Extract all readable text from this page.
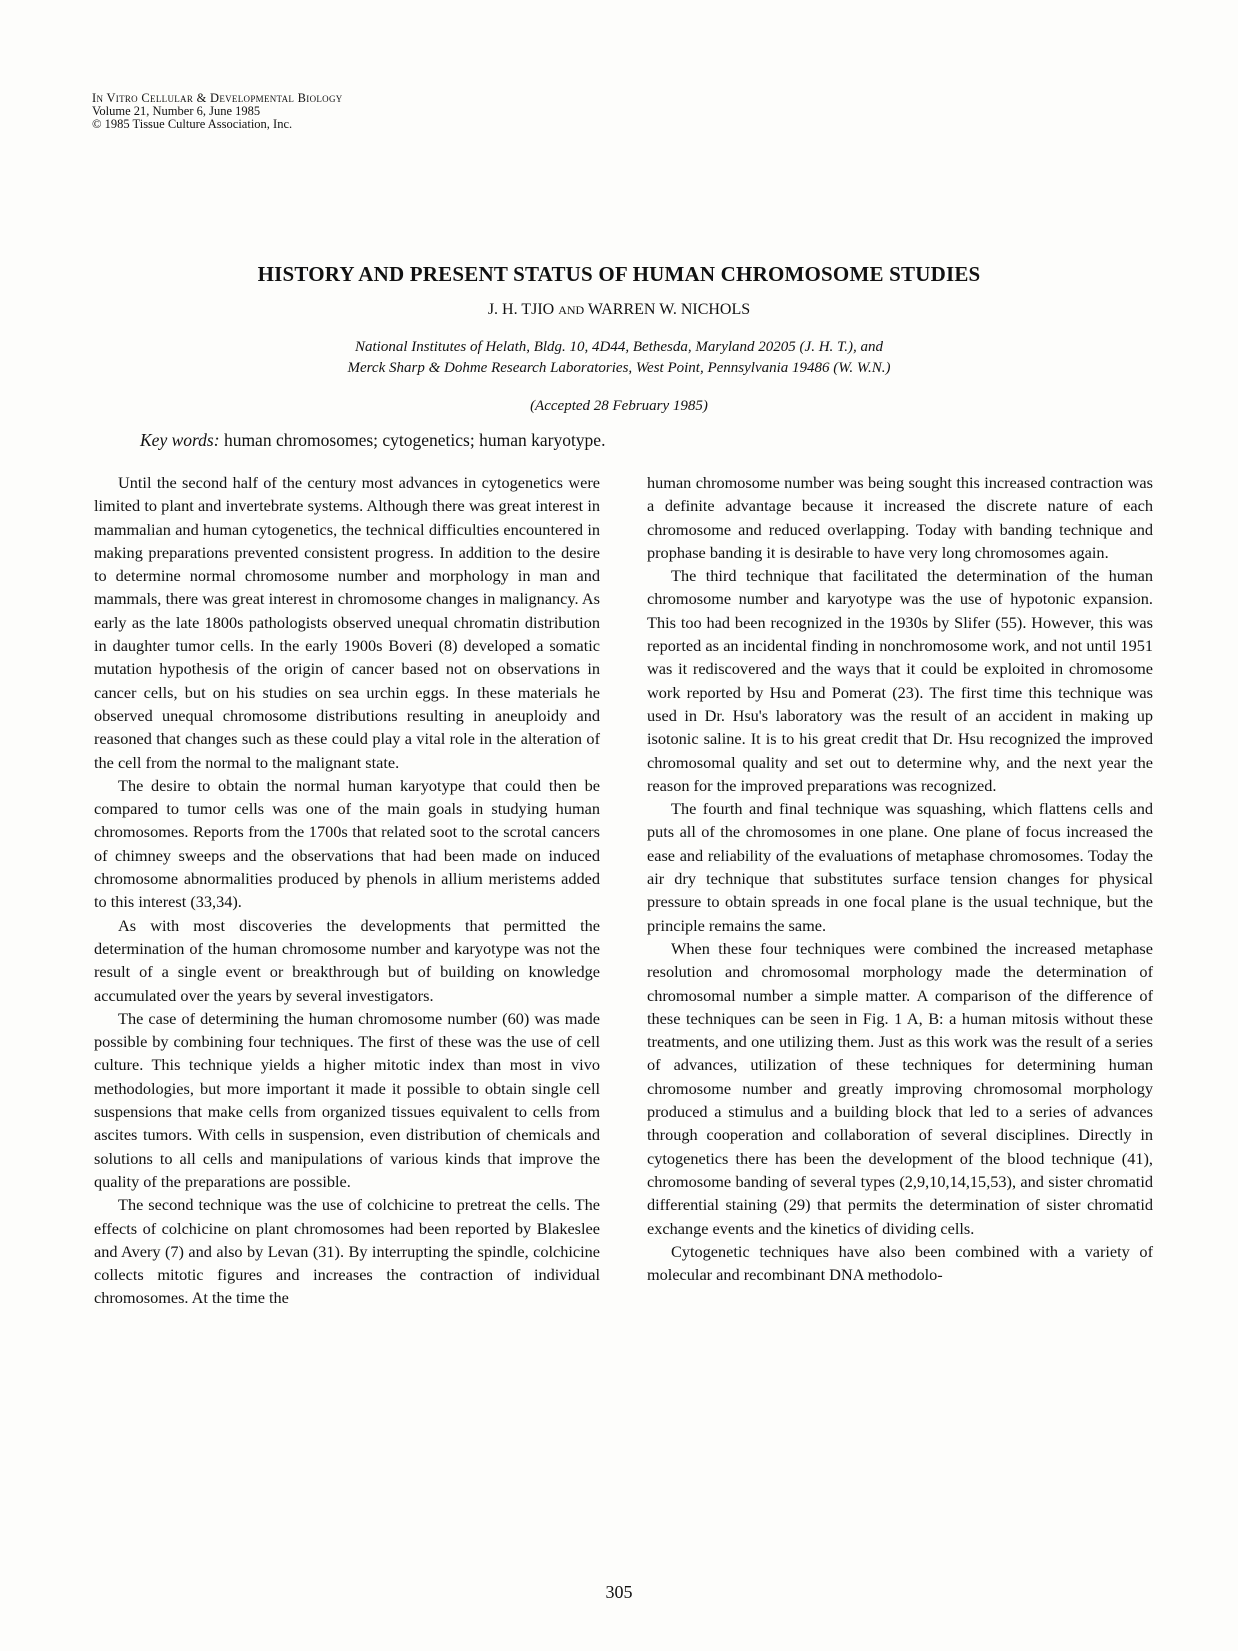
In Vitro Cellular & Developmental Biology
Volume 21, Number 6, June 1985
© 1985 Tissue Culture Association, Inc.
HISTORY AND PRESENT STATUS OF HUMAN CHROMOSOME STUDIES
J. H. TJIO AND WARREN W. NICHOLS
National Institutes of Helath, Bldg. 10, 4D44, Bethesda, Maryland 20205 (J. H. T.), and
Merck Sharp & Dohme Research Laboratories, West Point, Pennsylvania 19486 (W. W.N.)
(Accepted 28 February 1985)
Key words: human chromosomes; cytogenetics; human karyotype.

Until the second half of the century most advances in cytogenetics were limited to plant and invertebrate systems. Although there was great interest in mammalian and human cytogenetics, the technical difficulties encountered in making preparations prevented consistent progress. In addition to the desire to determine normal chromosome number and morphology in man and mammals, there was great interest in chromosome changes in malignancy. As early as the late 1800s pathologists observed unequal chromatin distribution in daughter tumor cells. In the early 1900s Boveri (8) developed a somatic mutation hypothesis of the origin of cancer based not on observations in cancer cells, but on his studies on sea urchin eggs. In these materials he observed unequal chromosome distributions resulting in aneuploidy and reasoned that changes such as these could play a vital role in the alteration of the cell from the normal to the malignant state.

The desire to obtain the normal human karyotype that could then be compared to tumor cells was one of the main goals in studying human chromosomes. Reports from the 1700s that related soot to the scrotal cancers of chimney sweeps and the observations that had been made on induced chromosome abnormalities produced by phenols in allium meristems added to this interest (33,34).

As with most discoveries the developments that permitted the determination of the human chromosome number and karyotype was not the result of a single event or breakthrough but of building on knowledge accumulated over the years by several investigators.

The case of determining the human chromosome number (60) was made possible by combining four techniques. The first of these was the use of cell culture. This technique yields a higher mitotic index than most in vivo methodologies, but more important it made it possible to obtain single cell suspensions that make cells from organized tissues equivalent to cells from ascites tumors. With cells in suspension, even distribution of chemicals and solutions to all cells and manipulations of various kinds that improve the quality of the preparations are possible.

The second technique was the use of colchicine to pretreat the cells. The effects of colchicine on plant chromosomes had been reported by Blakeslee and Avery (7) and also by Levan (31). By interrupting the spindle, colchicine collects mitotic figures and increases the contraction of individual chromosomes. At the time the

human chromosome number was being sought this increased contraction was a definite advantage because it increased the discrete nature of each chromosome and reduced overlapping. Today with banding technique and prophase banding it is desirable to have very long chromosomes again.

The third technique that facilitated the determination of the human chromosome number and karyotype was the use of hypotonic expansion. This too had been recognized in the 1930s by Slifer (55). However, this was reported as an incidental finding in nonchromosome work, and not until 1951 was it rediscovered and the ways that it could be exploited in chromosome work reported by Hsu and Pomerat (23). The first time this technique was used in Dr. Hsu's laboratory was the result of an accident in making up isotonic saline. It is to his great credit that Dr. Hsu recognized the improved chromosomal quality and set out to determine why, and the next year the reason for the improved preparations was recognized.

The fourth and final technique was squashing, which flattens cells and puts all of the chromosomes in one plane. One plane of focus increased the ease and reliability of the evaluations of metaphase chromosomes. Today the air dry technique that substitutes surface tension changes for physical pressure to obtain spreads in one focal plane is the usual technique, but the principle remains the same.

When these four techniques were combined the increased metaphase resolution and chromosomal morphology made the determination of chromosomal number a simple matter. A comparison of the difference of these techniques can be seen in Fig. 1 A, B: a human mitosis without these treatments, and one utilizing them. Just as this work was the result of a series of advances, utilization of these techniques for determining human chromosome number and greatly improving chromosomal morphology produced a stimulus and a building block that led to a series of advances through cooperation and collaboration of several disciplines. Directly in cytogenetics there has been the development of the blood technique (41), chromosome banding of several types (2,9,10,14,15,53), and sister chromatid differential staining (29) that permits the determination of sister chromatid exchange events and the kinetics of dividing cells.

Cytogenetic techniques have also been combined with a variety of molecular and recombinant DNA methodolo-

305
